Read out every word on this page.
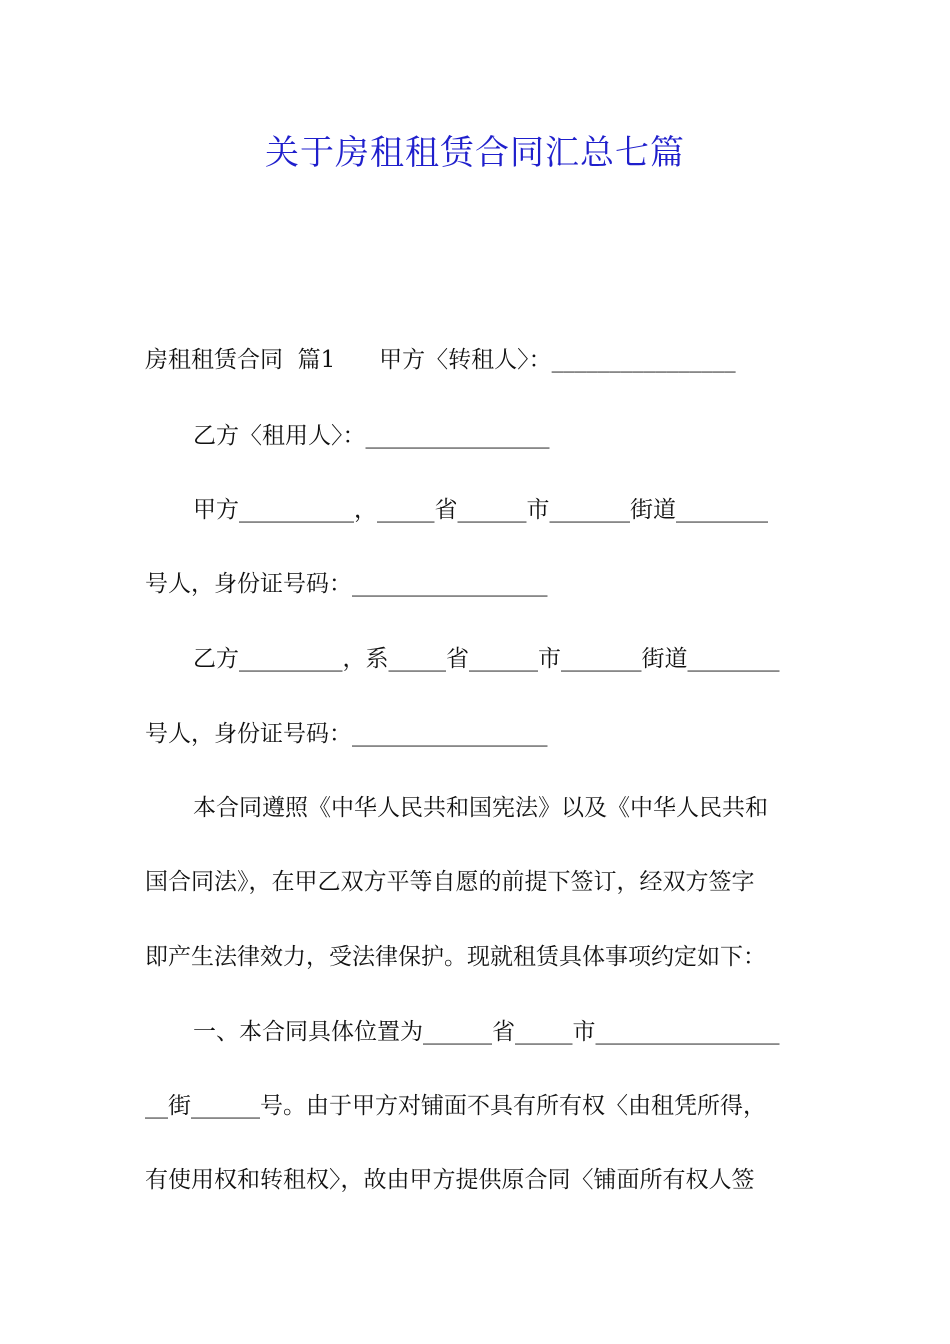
关于房租租赁合同汇总七篇
房租租赁合同  篇1      甲方〈转租人〉：________________
乙方〈租用人〉：________________
甲方__________，_____省______市_______街道________
号人，身份证号码：_________________
乙方_________，系_____省______市_______街道________
号人，身份证号码：_________________
本合同遵照《中华人民共和国宪法》以及《中华人民共和
国合同法》，在甲乙双方平等自愿的前提下签订，经双方签字
即产生法律效力，受法律保护。现就租赁具体事项约定如下：
一、本合同具体位置为______省_____市________________
__街______号。由于甲方对铺面不具有所有权〈由租凭所得，
有使用权和转租权〉，故由甲方提供原合同〈铺面所有权人签
